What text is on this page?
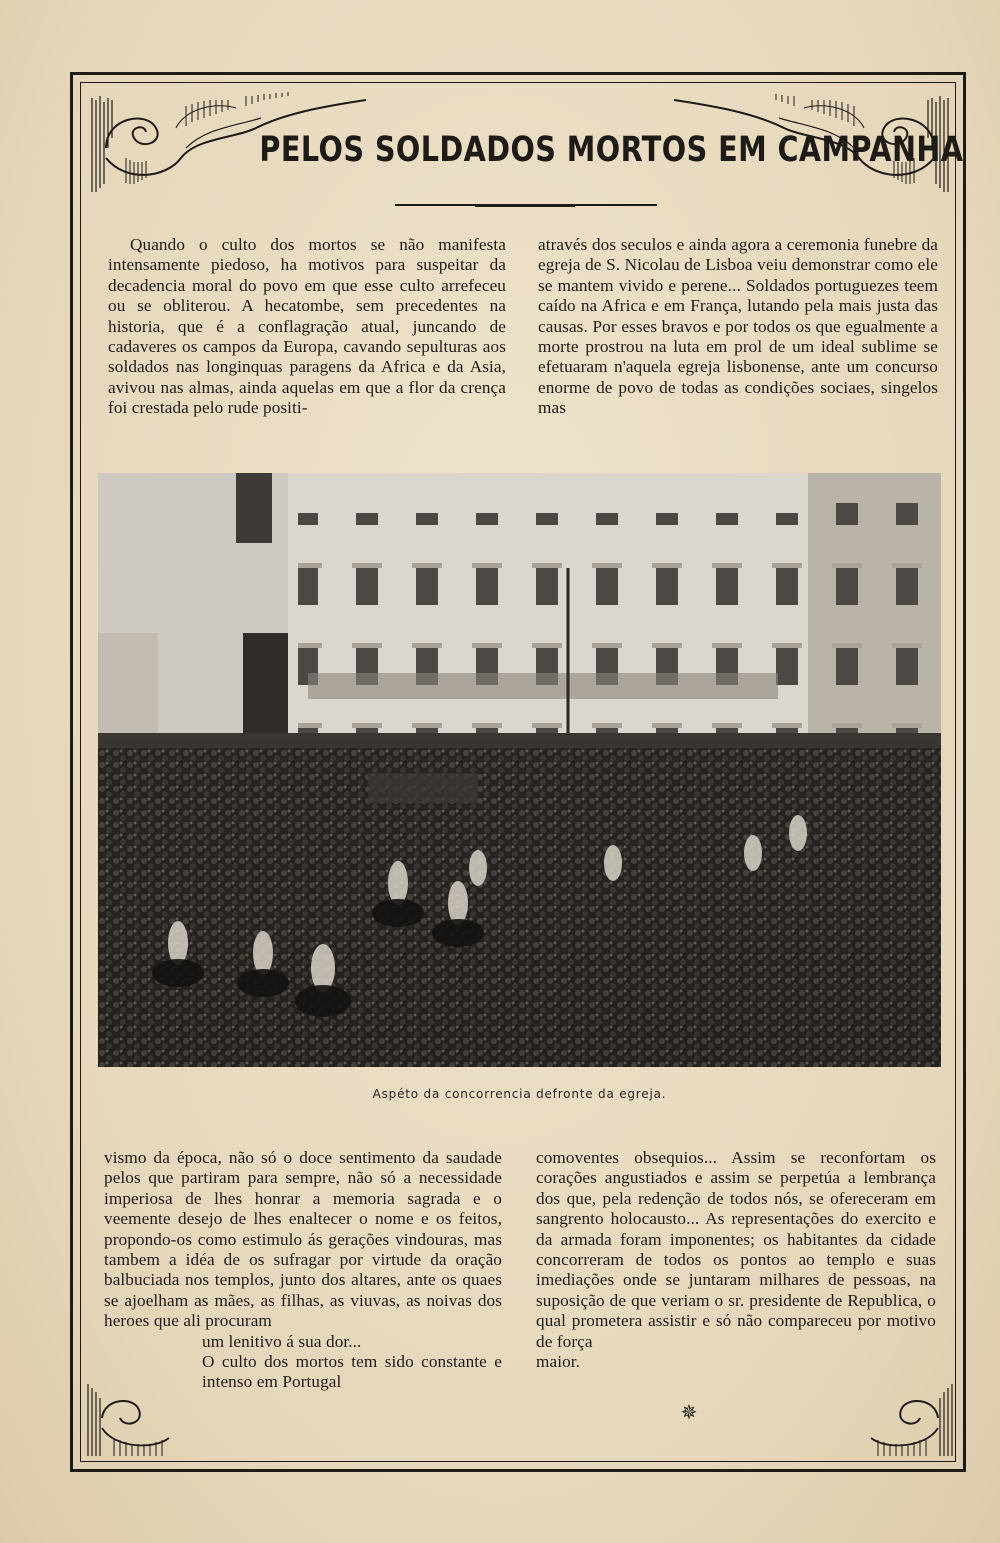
PELOS SOLDADOS MORTOS EM CAMPANHA

Quando o culto dos mortos se não manifesta intensamente piedoso, ha motivos para suspeitar da decadencia moral do povo em que esse culto arrefeceu ou se obliterou. A hecatombe, sem precedentes na historia, que é a conflagração atual, juncando de cadaveres os campos da Europa, cavando sepulturas aos soldados nas longinquas paragens da Africa e da Asia, avivou nas almas, ainda aquelas em que a flor da crença foi crestada pelo rude positi-

através dos seculos e ainda agora a ceremonia funebre da egreja de S. Nicolau de Lisboa veiu demonstrar como ele se mantem vivido e perene... Soldados portuguezes teem caído na Africa e em França, lutando pela mais justa das causas. Por esses bravos e por todos os que egualmente a morte prostrou na luta em prol de um ideal sublime se efetuaram n'aquela egreja lisbonense, ante um concurso enorme de povo de todas as condições sociaes, singelos mas

Aspéto da concorrencia defronte da egreja.

vismo da época, não só o doce sentimento da saudade pelos que partiram para sempre, não só a necessidade imperiosa de lhes honrar a memoria sagrada e o veemente desejo de lhes enaltecer o nome e os feitos, propondo-os como estimulo ás gerações vindouras, mas tambem a idéa de os sufragar por virtude da oração balbuciada nos templos, junto dos altares, ante os quaes se ajoelham as mães, as filhas, as viuvas, as noivas dos heroes que ali procuram
um lenitivo á sua dor...

O culto dos mortos tem sido constante e intenso em Portugal

comoventes obsequios... Assim se reconfortam os corações angustiados e assim se perpetúa a lembrança dos que, pela redenção de todos nós, se ofereceram em sangrento holocausto... As representações do exercito e da armada foram imponentes; os habitantes da cidade concorreram de todos os pontos ao templo e suas imediações onde se juntaram milhares de pessoas, na suposição de que veriam o sr. presidente de Republica, o qual prometera assistir e só não compareceu por motivo de força
maior.

✵
